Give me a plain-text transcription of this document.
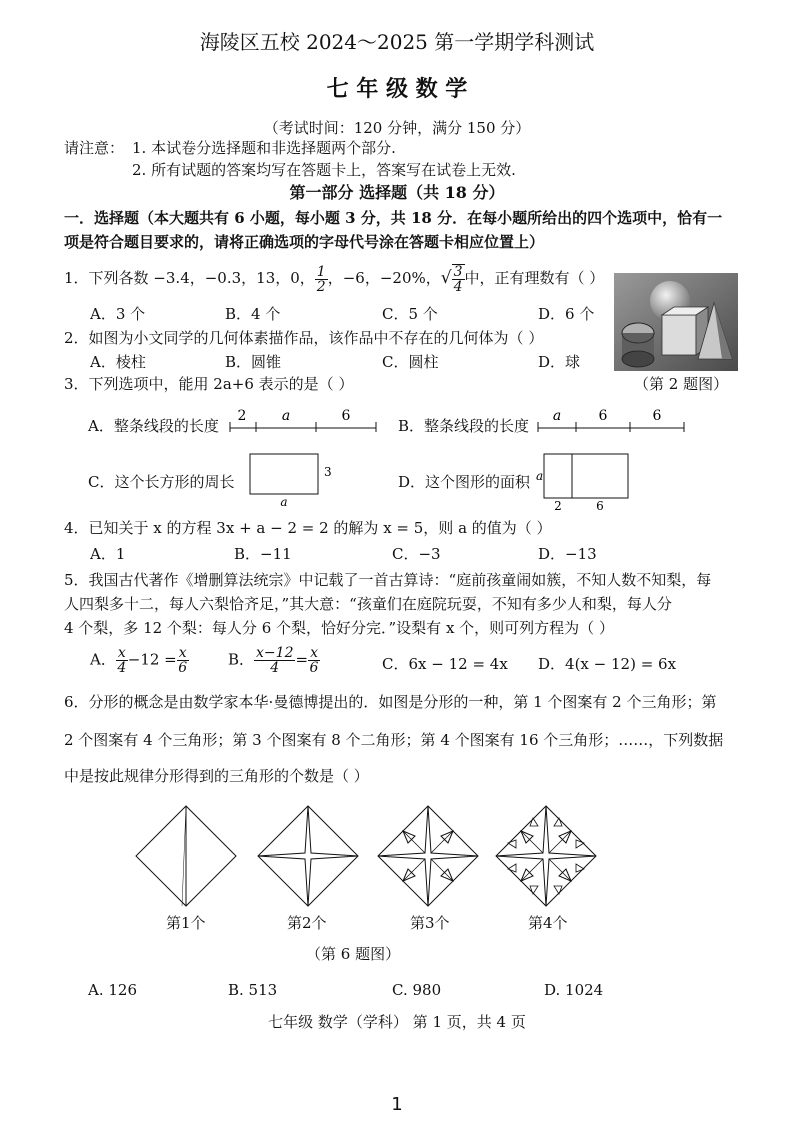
海陵区五校 2024～2025 第一学期学科测试
七 年 级 数 学
（考试时间：120 分钟，满分 150 分）
请注意： 1. 本试卷分选择题和非选择题两个部分.
2. 所有试题的答案均写在答题卡上，答案写在试卷上无效.
第一部分 选择题（共 18 分）
一．选择题（本大题共有 6 小题，每小题 3 分，共 18 分．在每小题所给出的四个选项中，恰有一
项是符合题目要求的，请将正确选项的字母代号涂在答题卡相应位置上）
1．下列各数 −3.4，−0.3，13，0， $\frac{1}{2}$ ，−6，−20%，√ $\frac{3}{4}$ 中，正有理数有（ ）
A．3 个	B．4 个	C．5 个	D．6 个
2．如图为小文同学的几何体素描作品，该作品中不存在的几何体为（ ）
A．棱柱	B．圆锥	C．圆柱	D．球
（第 2 题图）
3．下列选项中，能用 2a+6 表示的是（ ）
A．整条线段的长度
2	a	6
B．整条线段的长度
a	6	6
C．这个长方形的周长
3
a
D．这个图形的面积 a
2	6
4．已知关于 x 的方程 3x + a − 2 = 2 的解为 x = 5，则 a 的值为（ ）
A．1	B．−11	C．−3	D．−13
5．我国古代著作《增删算法统宗》中记载了一首古算诗：“庭前孩童闹如簇，不知人数不知梨，每
人四梨多十二，每人六梨恰齐足，”其大意：“孩童们在庭院玩耍，不知有多少人和梨，每人分
4 个梨，多 12 个梨：每人分 6 个梨，恰好分完．”设梨有 x 个，则可列方程为（ ）
A． $\frac{x}{4} -12 = \frac{x}{6}$	B． $\frac{x-12}{4} = \frac{x}{6}$	C．6x − 12 = 4x D．4(x − 12) = 6x
6．分形的概念是由数学家本华·曼德博提出的．如图是分形的一种，第 1 个图案有 2 个三角形；第
2 个图案有 4 个三角形；第 3 个图案有 8 个二角形；第 4 个图案有 16 个三角形；……，下列数据
中是按此规律分形得到的三角形的个数是（ ）
第1个	第2个	第3个	第4个
（第 6 题图）
A. 126	B. 513	C. 980	D. 1024
七年级 数学（学科） 第 1 页，共 4 页
1
